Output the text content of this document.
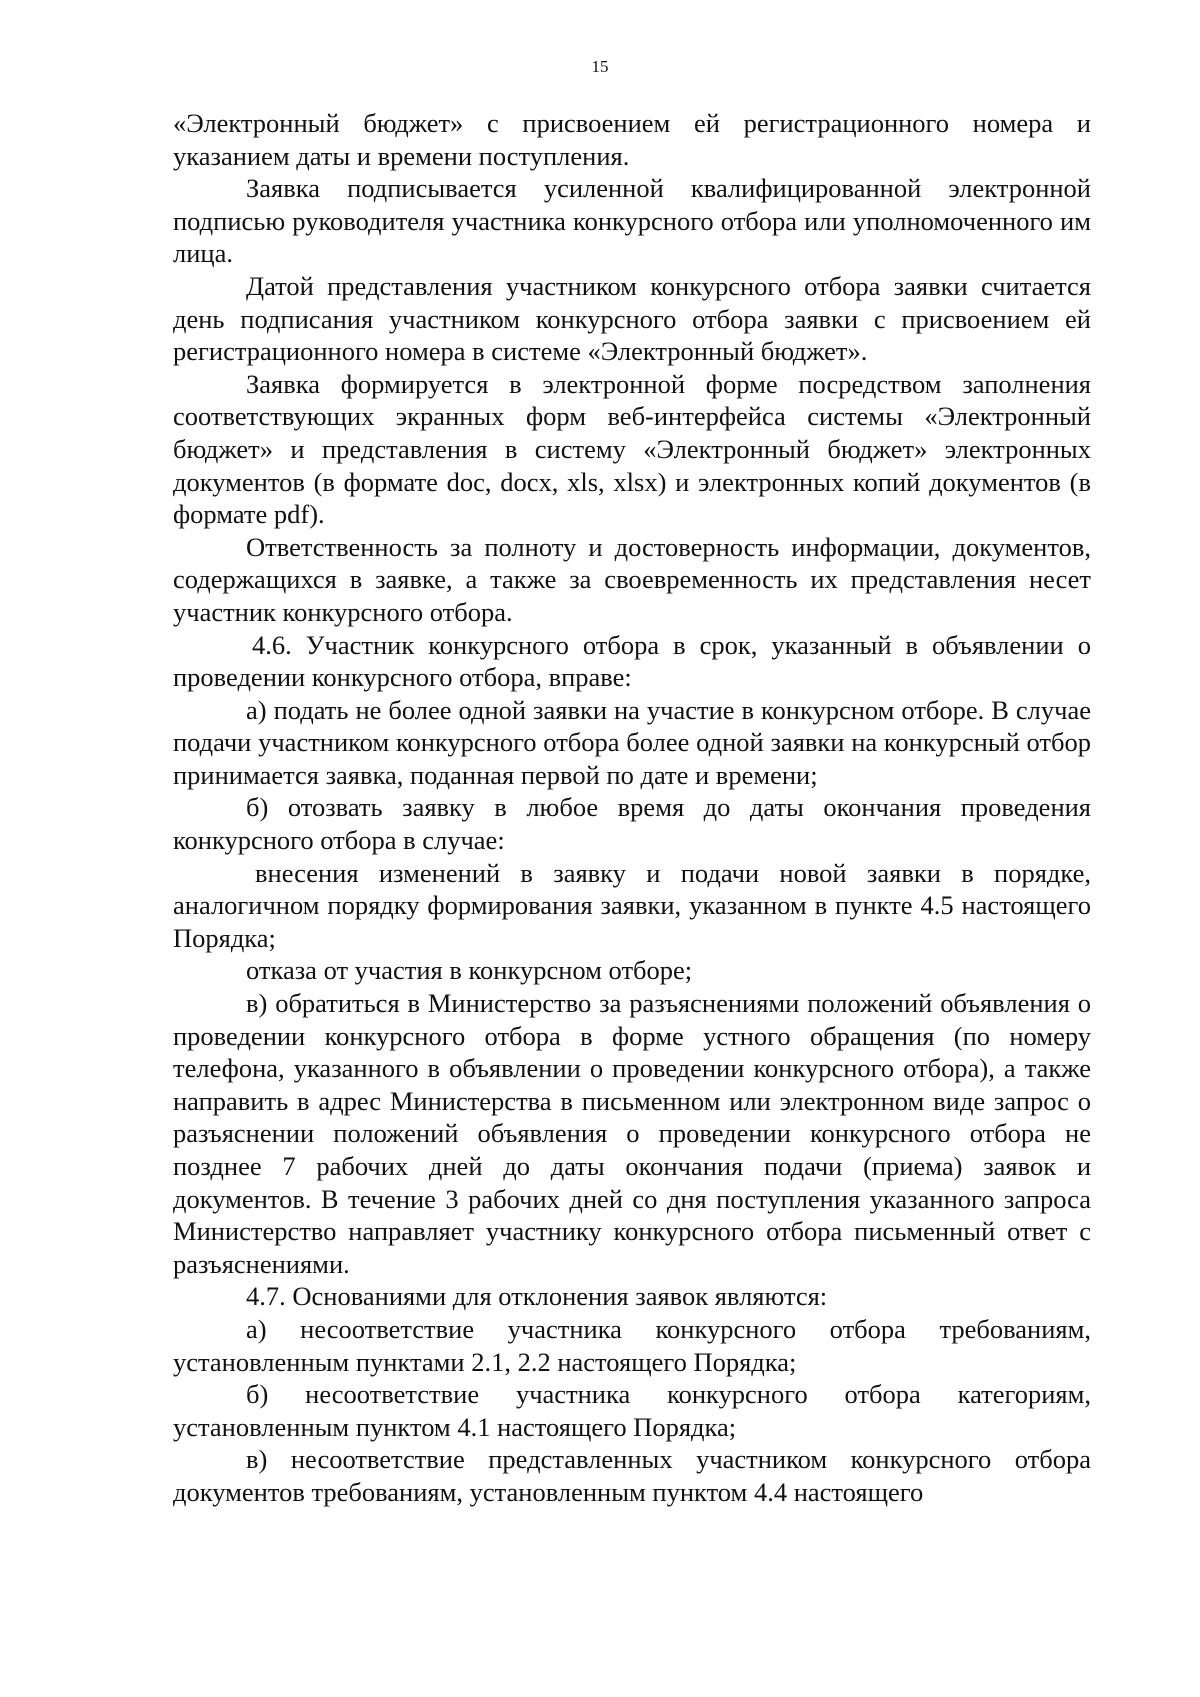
15

«Электронный бюджет» с присвоением ей регистрационного номера и указанием даты и времени поступления.

Заявка подписывается усиленной квалифицированной электронной подписью руководителя участника конкурсного отбора или уполномоченного им лица.

Датой представления участником конкурсного отбора заявки считается день подписания участником конкурсного отбора заявки с присвоением ей регистрационного номера в системе «Электронный бюджет».

Заявка формируется в электронной форме посредством заполнения соответствующих экранных форм веб-интерфейса системы «Электронный бюджет» и представления в систему «Электронный бюджет» электронных документов (в формате doc, docx, xls, xlsx) и электронных копий документов (в формате pdf).

Ответственность за полноту и достоверность информации, документов, содержащихся в заявке, а также за своевременность их представления несет участник конкурсного отбора.

4.6. Участник конкурсного отбора в срок, указанный в объявлении о проведении конкурсного отбора, вправе:

а) подать не более одной заявки на участие в конкурсном отборе. В случае подачи участником конкурсного отбора более одной заявки на конкурсный отбор принимается заявка, поданная первой по дате и времени;

б) отозвать заявку в любое время до даты окончания проведения конкурсного отбора в случае:

внесения изменений в заявку и подачи новой заявки в порядке, аналогичном порядку формирования заявки, указанном в пункте 4.5 настоящего Порядка;

отказа от участия в конкурсном отборе;

в) обратиться в Министерство за разъяснениями положений объявления о проведении конкурсного отбора в форме устного обращения (по номеру телефона, указанного в объявлении о проведении конкурсного отбора), а также направить в адрес Министерства в письменном или электронном виде запрос о разъяснении положений объявления о проведении конкурсного отбора не позднее 7 рабочих дней до даты окончания подачи (приема) заявок и документов. В течение 3 рабочих дней со дня поступления указанного запроса Министерство направляет участнику конкурсного отбора письменный ответ с разъяснениями.

4.7. Основаниями для отклонения заявок являются:

а) несоответствие участника конкурсного отбора требованиям, установленным пунктами 2.1, 2.2 настоящего Порядка;

б) несоответствие участника конкурсного отбора категориям, установленным пунктом 4.1 настоящего Порядка;

в) несоответствие представленных участником конкурсного отбора документов требованиям, установленным пунктом 4.4 настоящего
